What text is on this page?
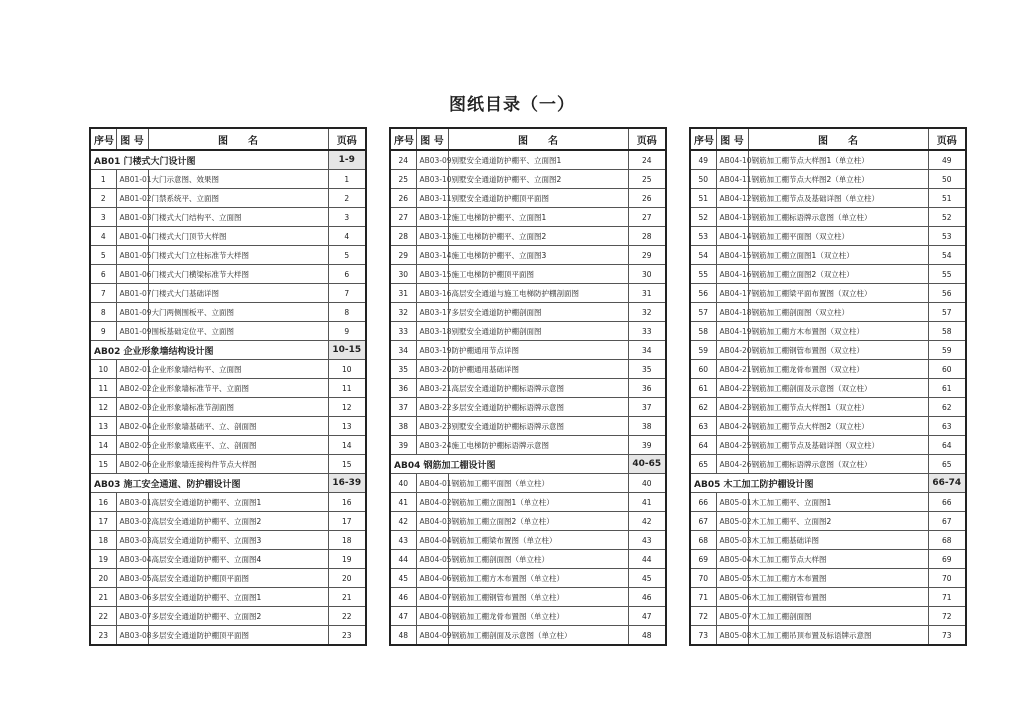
图纸目录（一）
序号	图 号	图　　名	页码
AB01 门楼式大门设计图			1-9
1	AB01-01	大门示意图、效果图	1
2	AB01-02	门禁系统平、立面图	2
3	AB01-03	门楼式大门结构平、立面图	3
4	AB01-04	门楼式大门顶节大样图	4
5	AB01-05	门楼式大门立柱标准节大样图	5
6	AB01-06	门楼式大门横梁标准节大样图	6
7	AB01-07	门楼式大门基础详图	7
8	AB01-09	大门两侧围板平、立面图	8
9	AB01-09	围板基础定位平、立面图	9
AB02 企业形象墙结构设计图			10-15
10	AB02-01	企业形象墙结构平、立面图	10
11	AB02-02	企业形象墙标准节平、立面图	11
12	AB02-03	企业形象墙标准节剖面图	12
13	AB02-04	企业形象墙基础平、立、剖面图	13
14	AB02-05	企业形象墙底座平、立、剖面图	14
15	AB02-06	企业形象墙连接构件节点大样图	15
AB03 施工安全通道、防护棚设计图			16-39
16	AB03-01	高层安全通道防护棚平、立面图1	16
17	AB03-02	高层安全通道防护棚平、立面图2	17
18	AB03-03	高层安全通道防护棚平、立面图3	18
19	AB03-04	高层安全通道防护棚平、立面图4	19
20	AB03-05	高层安全通道防护棚顶平面图	20
21	AB03-06	多层安全通道防护棚平、立面图1	21
22	AB03-07	多层安全通道防护棚平、立面图2	22
23	AB03-08	多层安全通道防护棚顶平面图	23
序号	图 号	图　　名	页码
24	AB03-09	别墅安全通道防护棚平、立面图1	24
25	AB03-10	别墅安全通道防护棚平、立面图2	25
26	AB03-11	别墅安全通道防护棚顶平面图	26
27	AB03-12	施工电梯防护棚平、立面图1	27
28	AB03-13	施工电梯防护棚平、立面图2	28
29	AB03-14	施工电梯防护棚平、立面图3	29
30	AB03-15	施工电梯防护棚顶平面图	30
31	AB03-16	高层安全通道与施工电梯防护棚剖面图	31
32	AB03-17	多层安全通道防护棚剖面图	32
33	AB03-18	别墅安全通道防护棚剖面图	33
34	AB03-19	防护棚通用节点详图	34
35	AB03-20	防护棚通用基础详图	35
36	AB03-21	高层安全通道防护棚标语牌示意图	36
37	AB03-22	多层安全通道防护棚标语牌示意图	37
38	AB03-23	别墅安全通道防护棚标语牌示意图	38
39	AB03-24	施工电梯防护棚标语牌示意图	39
AB04 钢筋加工棚设计图			40-65
40	AB04-01	钢筋加工棚平面图（单立柱）	40
41	AB04-02	钢筋加工棚立面图1（单立柱）	41
42	AB04-03	钢筋加工棚立面图2（单立柱）	42
43	AB04-04	钢筋加工棚梁布置图（单立柱）	43
44	AB04-05	钢筋加工棚剖面图（单立柱）	44
45	AB04-06	钢筋加工棚方木布置图（单立柱）	45
46	AB04-07	钢筋加工棚钢管布置图（单立柱）	46
47	AB04-08	钢筋加工棚龙骨布置图（单立柱）	47
48	AB04-09	钢筋加工棚剖面及示意图（单立柱）	48
序号	图 号	图　　名	页码
49	AB04-10	钢筋加工棚节点大样图1（单立柱）	49
50	AB04-11	钢筋加工棚节点大样图2（单立柱）	50
51	AB04-12	钢筋加工棚节点及基础详图（单立柱）	51
52	AB04-13	钢筋加工棚标语牌示意图（单立柱）	52
53	AB04-14	钢筋加工棚平面图（双立柱）	53
54	AB04-15	钢筋加工棚立面图1（双立柱）	54
55	AB04-16	钢筋加工棚立面图2（双立柱）	55
56	AB04-17	钢筋加工棚梁平面布置图（双立柱）	56
57	AB04-18	钢筋加工棚剖面图（双立柱）	57
58	AB04-19	钢筋加工棚方木布置图（双立柱）	58
59	AB04-20	钢筋加工棚钢管布置图（双立柱）	59
60	AB04-21	钢筋加工棚龙骨布置图（双立柱）	60
61	AB04-22	钢筋加工棚剖面及示意图（双立柱）	61
62	AB04-23	钢筋加工棚节点大样图1（双立柱）	62
63	AB04-24	钢筋加工棚节点大样图2（双立柱）	63
64	AB04-25	钢筋加工棚节点及基础详图（双立柱）	64
65	AB04-26	钢筋加工棚标语牌示意图（双立柱）	65
AB05 木工加工防护棚设计图			66-74
66	AB05-01	木工加工棚平、立面图1	66
67	AB05-02	木工加工棚平、立面图2	67
68	AB05-03	木工加工棚基础详图	68
69	AB05-04	木工加工棚节点大样图	69
70	AB05-05	木工加工棚方木布置图	70
71	AB05-06	木工加工棚钢管布置图	71
72	AB05-07	木工加工棚剖面图	72
73	AB05-08	木工加工棚吊顶布置及标语牌示意图	73
